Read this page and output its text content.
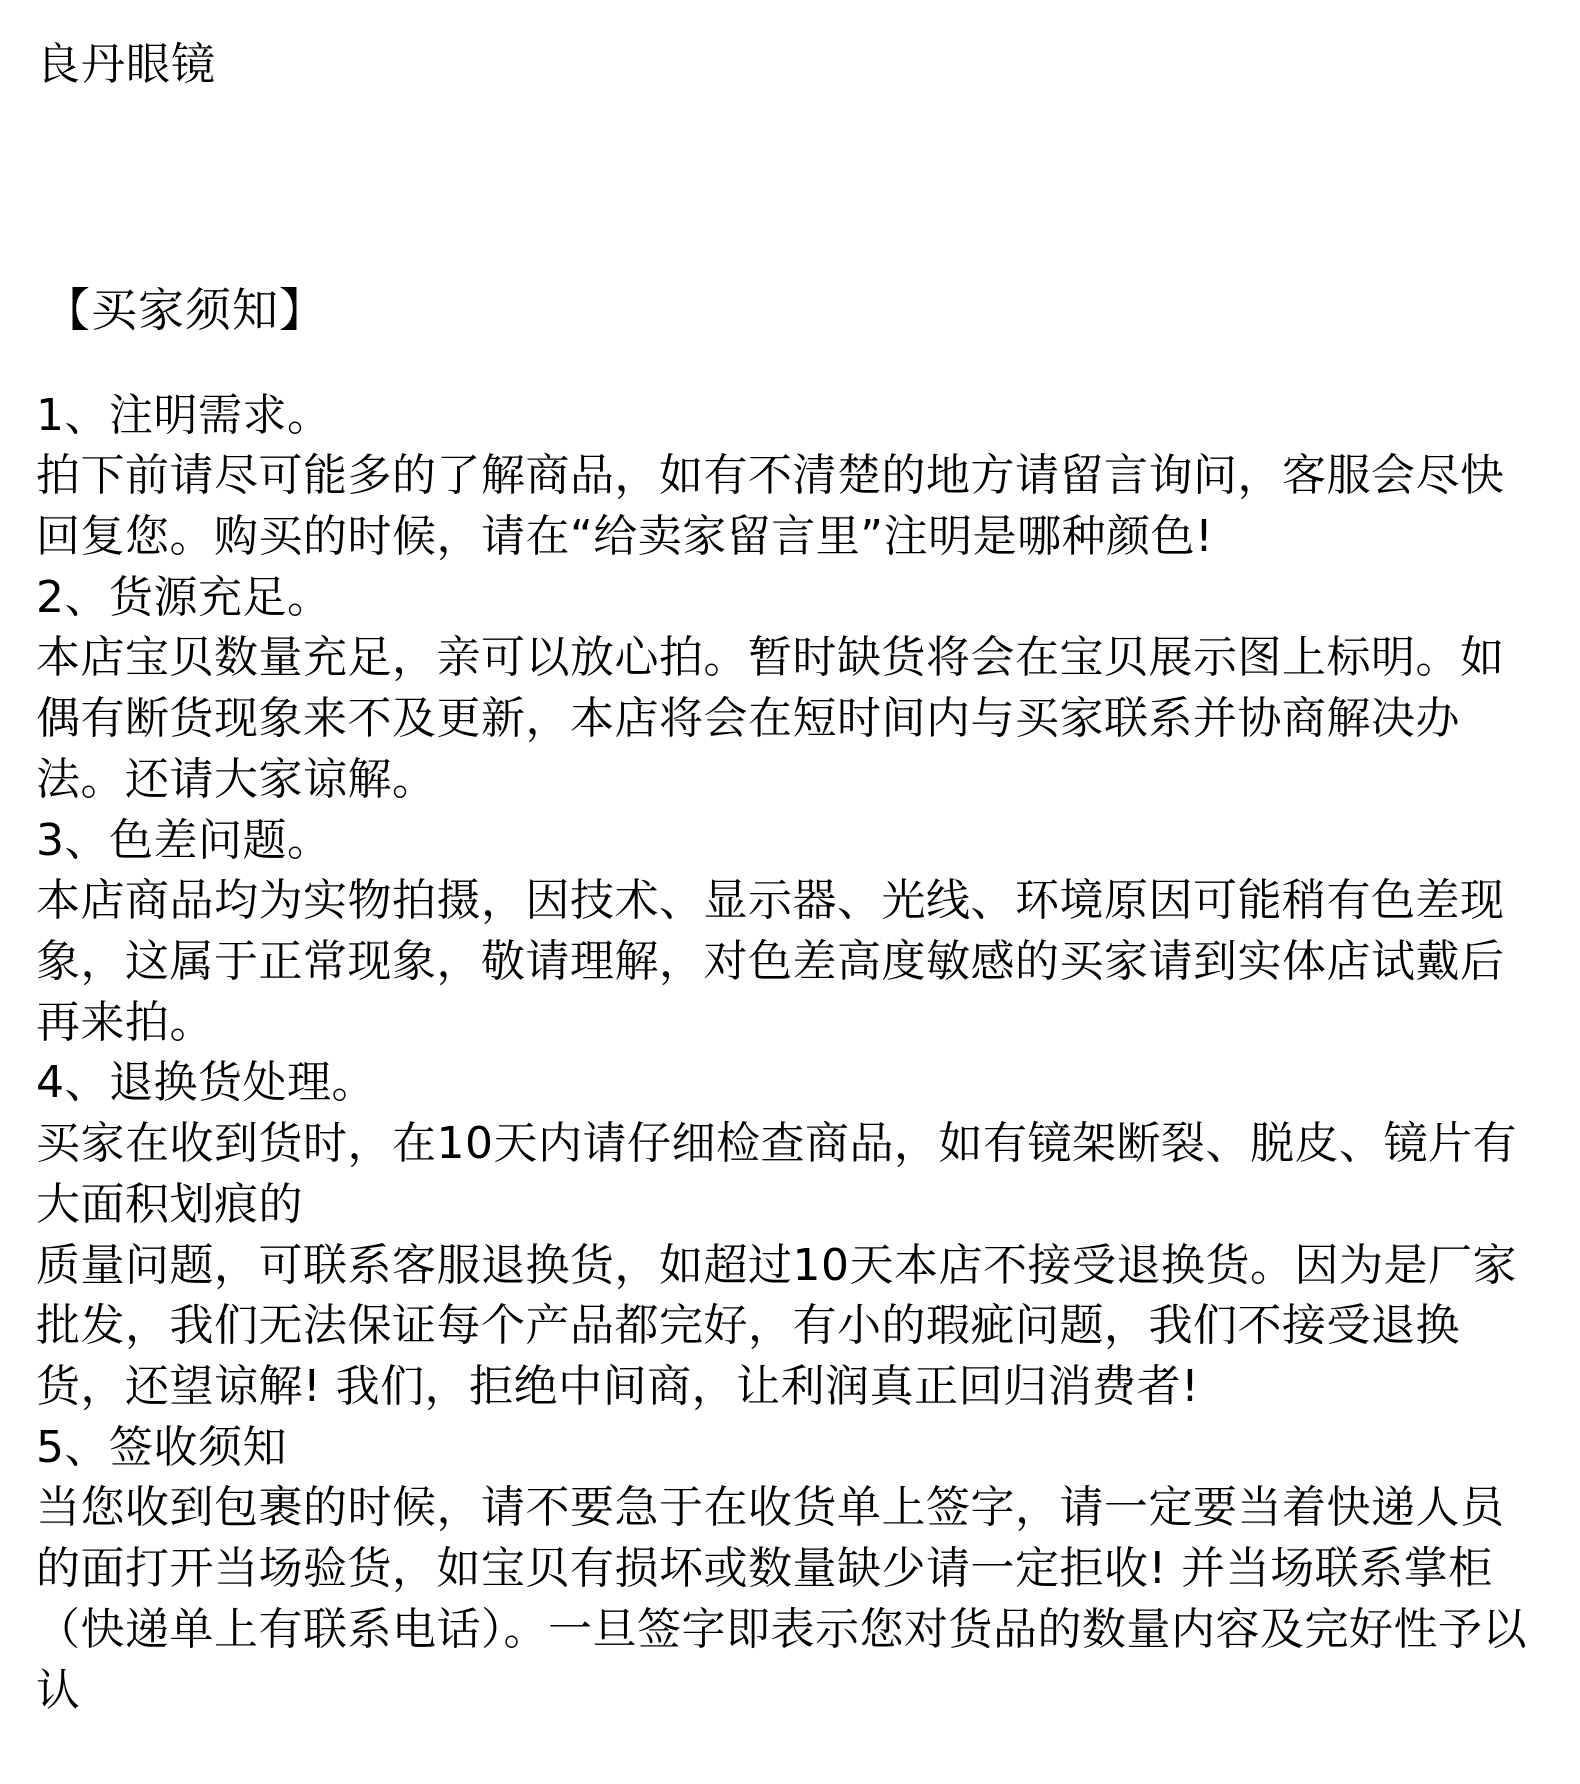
良丹眼镜
【买家须知】

1、注明需求。

拍下前请尽可能多的了解商品，如有不清楚的地方请留言询问，客服会尽快回复您。购买的时候，请在“给卖家留言里”注明是哪种颜色!

2、货源充足。

本店宝贝数量充足，亲可以放心拍。暂时缺货将会在宝贝展示图上标明。如偶有断货现象来不及更新，本店将会在短时间内与买家联系并协商解决办法。还请大家谅解。

3、色差问题。

本店商品均为实物拍摄，因技术、显示器、光线、环境原因可能稍有色差现象，这属于正常现象，敬请理解，对色差高度敏感的买家请到实体店试戴后再来拍。

4、退换货处理。

买家在收到货时，在10天内请仔细检查商品，如有镜架断裂、脱皮、镜片有大面积划痕的

质量问题，可联系客服退换货，如超过10天本店不接受退换货。因为是厂家批发，我们无法保证每个产品都完好，有小的瑕疵问题，我们不接受退换货，还望谅解! 我们，拒绝中间商，让利润真正回归消费者!

5、签收须知

当您收到包裹的时候，请不要急于在收货单上签字，请一定要当着快递人员的面打开当场验货，如宝贝有损坏或数量缺少请一定拒收! 并当场联系掌柜（快递单上有联系电话）。一旦签字即表示您对货品的数量内容及完好性予以认
